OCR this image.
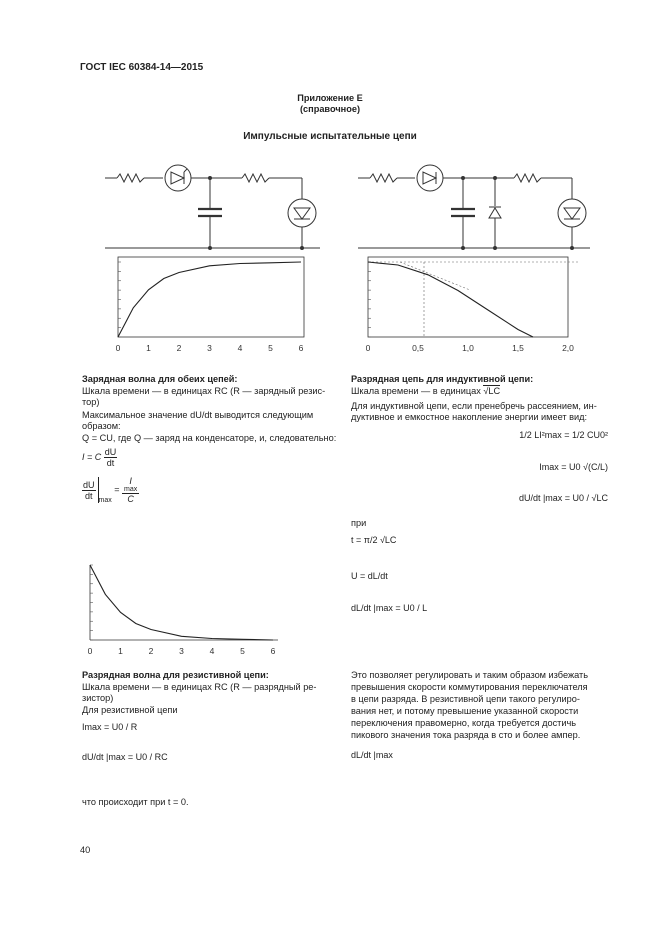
ГОСТ IEC 60384-14—2015
Приложение Е
(справочное)
Импульсные испытательные цепи
0	1	2	3	4	5	6	0	0,5	1,0	1,5	2,0
0	1	2	3	4	5	6
Зарядная волна для обеих цепей:
Шкала времени — в единицах RC (R — зарядный резис-
тор)
Максимальное значение dU/dt выводится следующим
образом:
Q = CU, где Q — заряд на конденсаторе, и, следовательно:
I = C $\frac{dU}{dt}$
$\frac{dU}{dt}$
$_{max}$ = I
max
C
Разрядная цепь для индуктивной цепи:
Шкала времени — в единицах √LC
Для индуктивной цепи, если пренебречь рассеянием, ин-
дуктивное и емкостное накопление энергии имеет вид:
1/2 LI²max = 1/2 CU0²
Imax = U0 √(C/L)
dU/dt |max = U0 / √LC
при
t = π/2 √LC
U = dL/dt
dL/dt |max = U0 / L
Разрядная волна для резистивной цепи:
Шкала времени — в единицах RC (R — разрядный ре-
зистор)
Для резистивной цепи
Imax = U0 / R
dU/dt |max = U0 / RC
что происходит при t = 0.
Это позволяет регулировать и таким образом избежать
превышения скорости коммутирования переключателя
в цепи разряда. В резистивной цепи такого регулиро-
вания нет, и потому превышение указанной скорости
переключения правомерно, когда требуется достичь
пикового значения тока разряда в сто и более ампер.
dL/dt |max
40
